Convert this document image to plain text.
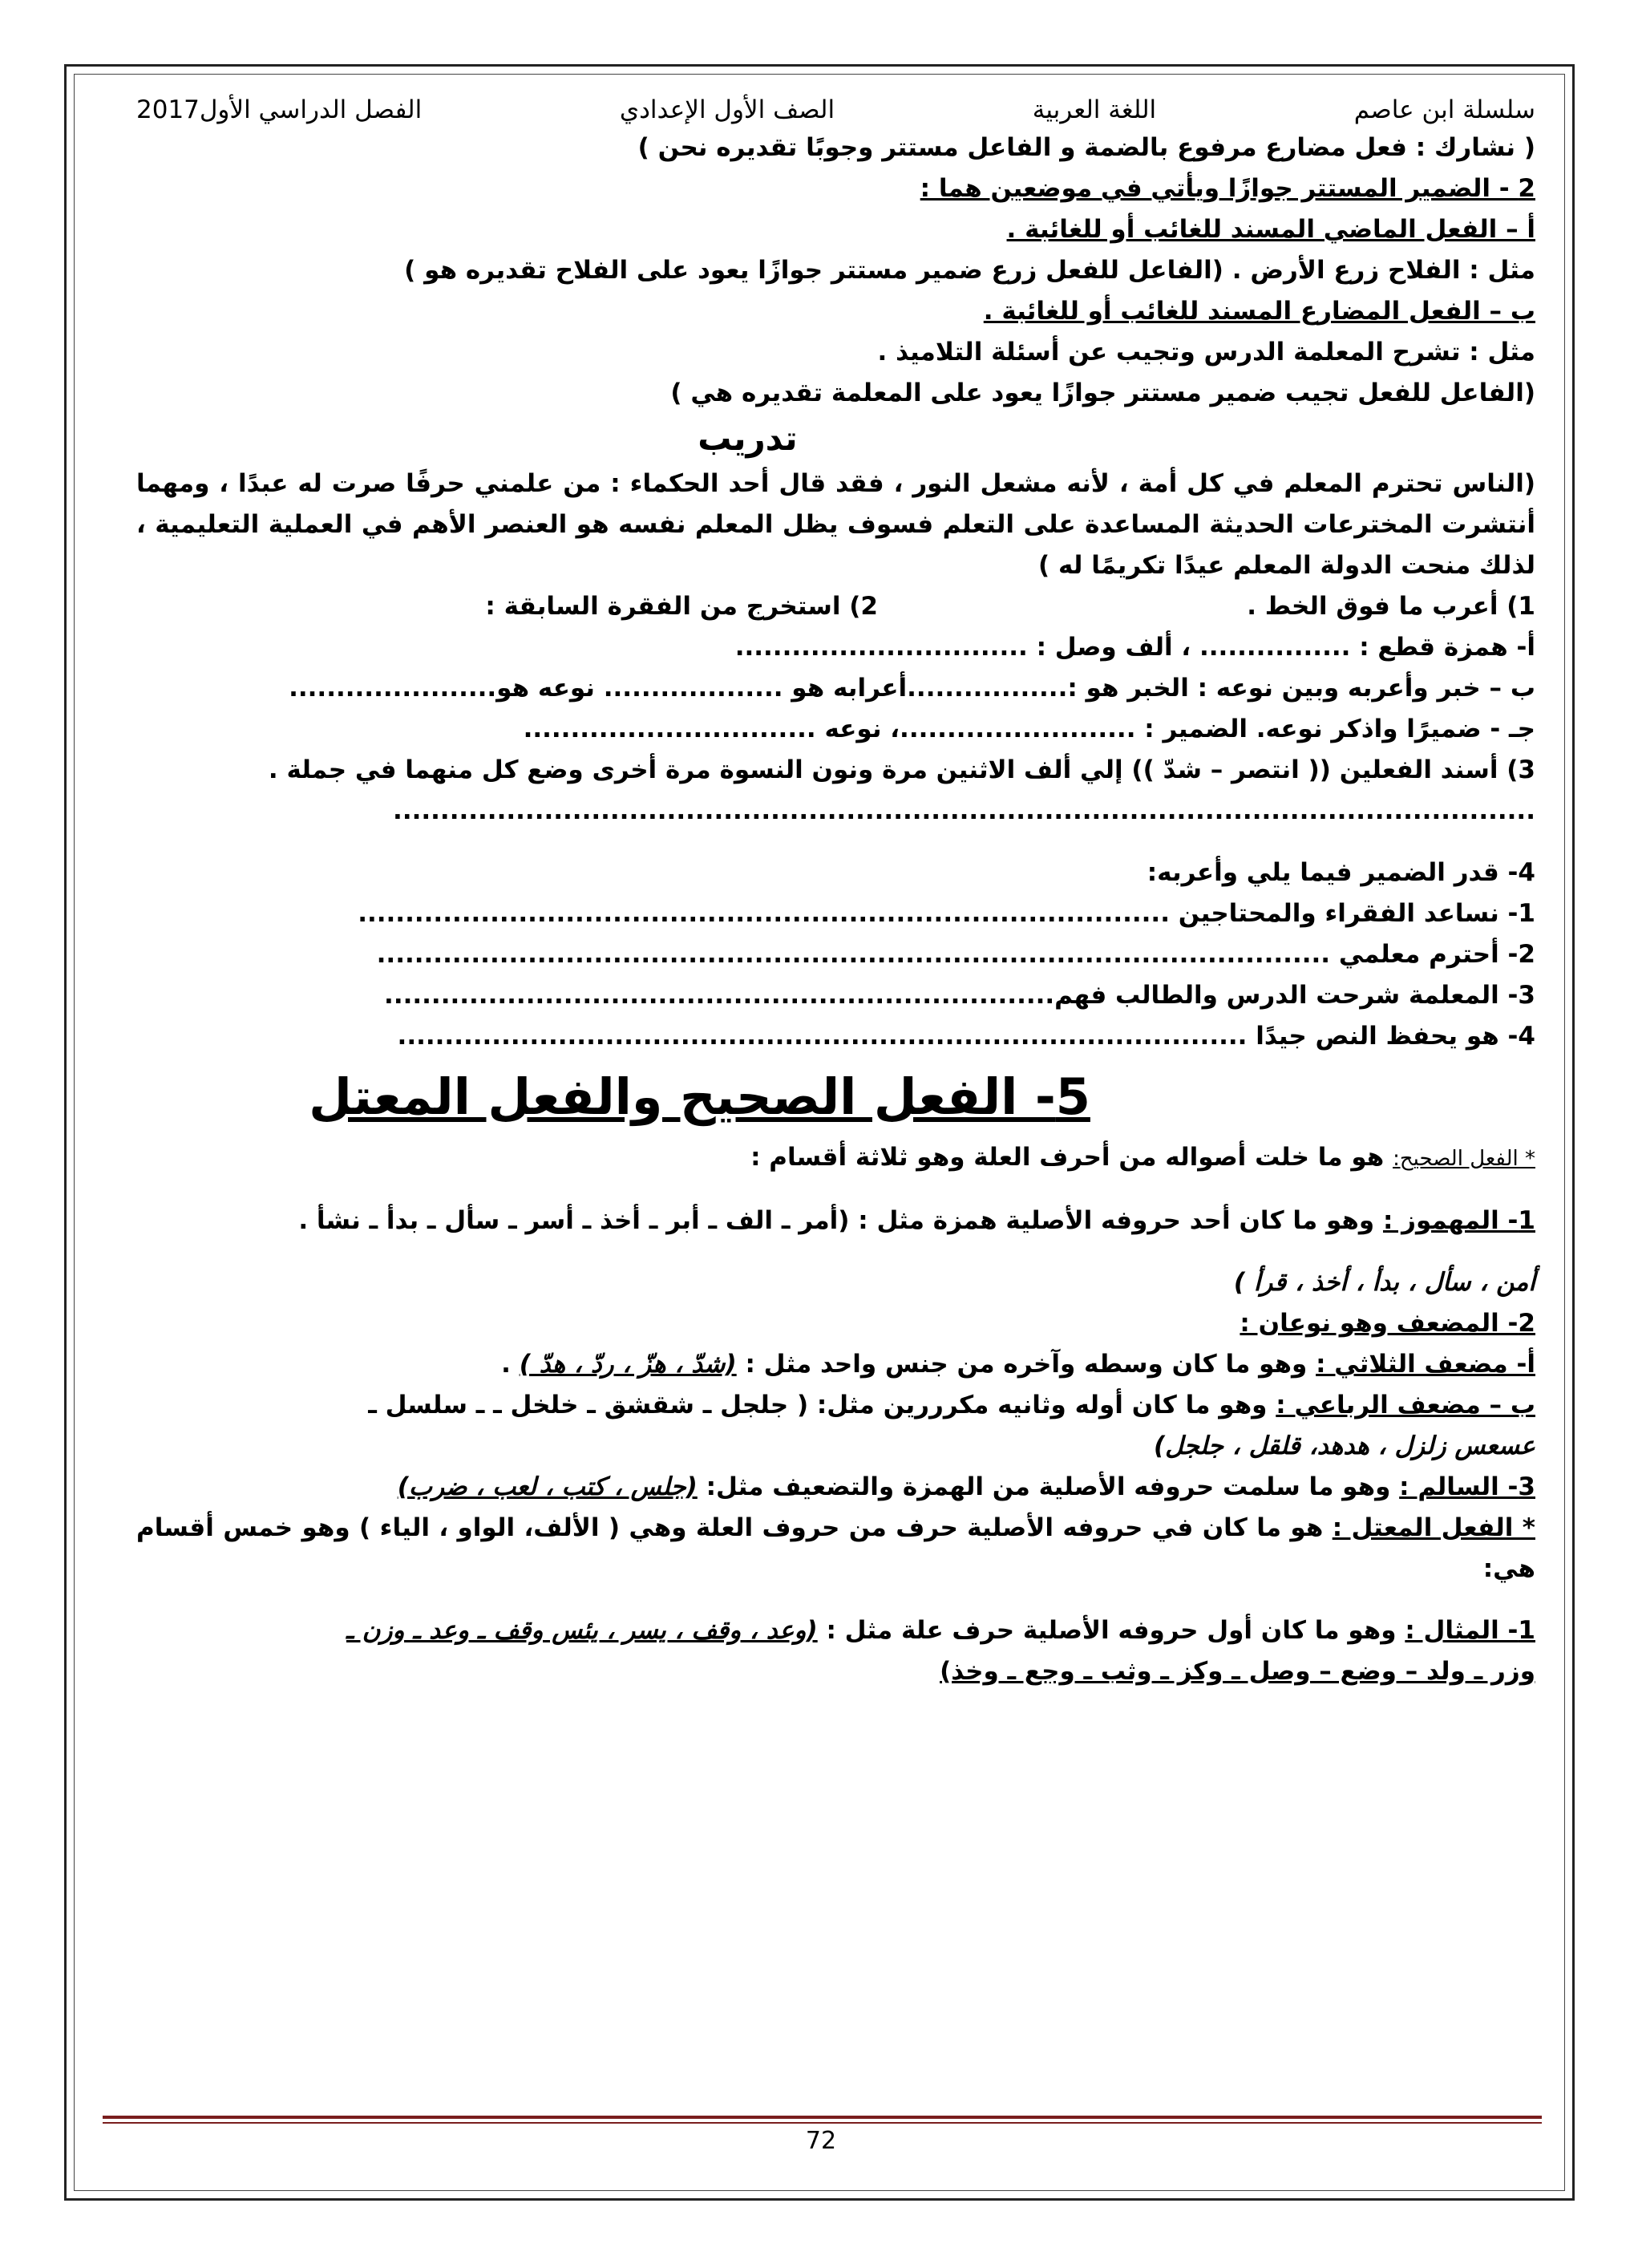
سلسلة ابن عاصم
اللغة العربية
الصف الأول الإعدادي
الفصل الدراسي الأول2017
( نشارك : فعل مضارع مرفوع بالضمة و الفاعل مستتر وجوبًا تقديره نحن )
2 - الضمير المستتر جوازًا ويأتي في موضعين هما :
أ – الفعل الماضي المسند للغائب أو للغائبة .
مثل : الفلاح زرع الأرض . (الفاعل للفعل زرع ضمير مستتر جوازًا يعود على الفلاح تقديره هو )
ب – الفعل المضارع المسند للغائب أو للغائبة .
مثل : تشرح المعلمة الدرس وتجيب عن أسئلة التلاميذ .
(الفاعل للفعل تجيب ضمير مستتر جوازًا يعود على المعلمة تقديره هي )
تدريب
(الناس تحترم المعلم في كل أمة ، لأنه مشعل النور ، فقد قال أحد الحكماء : من علمني حرفًا صرت له عبدًا ، ومهما أنتشرت المخترعات الحديثة المساعدة على التعلم فسوف يظل المعلم نفسه هو العنصر الأهم في العملية التعليمية ، لذلك منحت الدولة المعلم عيدًا تكريمًا له )
1) أعرب ما فوق الخط .
2) استخرج من الفقرة السابقة :
أ- همزة قطع : ................ ، ألف وصل : ...............................
ب – خبر وأعربه وبين نوعه : الخبر هو :.................أعرابه هو ................... نوعه هو......................
جـ - ضميرًا واذكر نوعه. الضمير : .........................، نوعه ...............................
3) أسند الفعلين (( انتصر – شدّ )) إلي ألف الاثنين مرة ونون النسوة مرة أخرى وضع كل منهما في جملة .
.........................................................................................................................
4- قدر الضمير فيما يلي وأعربه:
1- نساعد الفقراء والمحتاجين ......................................................................................
2- أحترم معلمي .....................................................................................................
3- المعلمة شرحت الدرس والطالب فهم.......................................................................
4- هو يحفظ النص جيدًا ..........................................................................................
5- الفعل الصحيح والفعل المعتل
* الفعل الصحيح: هو ما خلت أصواله من أحرف العلة وهو ثلاثة أقسام :
1- المهموز : وهو ما كان أحد حروفه الأصلية همزة مثل : (أمر ـ الف ـ أبر ـ أخذ ـ أسر ـ سأل ـ بدأ ـ نشأ .
أمن ، سأل ، بدأ ، أخذ ، قرأ )
2- المضعف وهو نوعان :
أ- مضعف الثلاثي : وهو ما كان وسطه وآخره من جنس واحد مثل : (شدّ ، هزّ ، ردّ ، هدّ ) .
ب – مضعف الرباعي : وهو ما كان أوله وثانيه مكرررين مثل: ( جلجل ـ شقشق ـ خلخل ـ ـ سلسل ـ
عسعس زلزل ، هدهد، قلقل ، جلجل)
3- السالم : وهو ما سلمت حروفه الأصلية من الهمزة والتضعيف مثل: (جلس ، كتب ، لعب ، ضرب)
* الفعل المعتل : هو ما كان في حروفه الأصلية حرف من حروف العلة وهي ( الألف، الواو ، الياء ) وهو خمس أقسام هي:
1- المثال : وهو ما كان أول حروفه الأصلية حرف علة مثل : (وعد ، وقف ، يسر ، يئس وقف ـ وعد ـ وزن ـ
وزر ـ ولد – وضع – وصل ـ وكز ـ وثب ـ وجع ـ وخذ)
72
